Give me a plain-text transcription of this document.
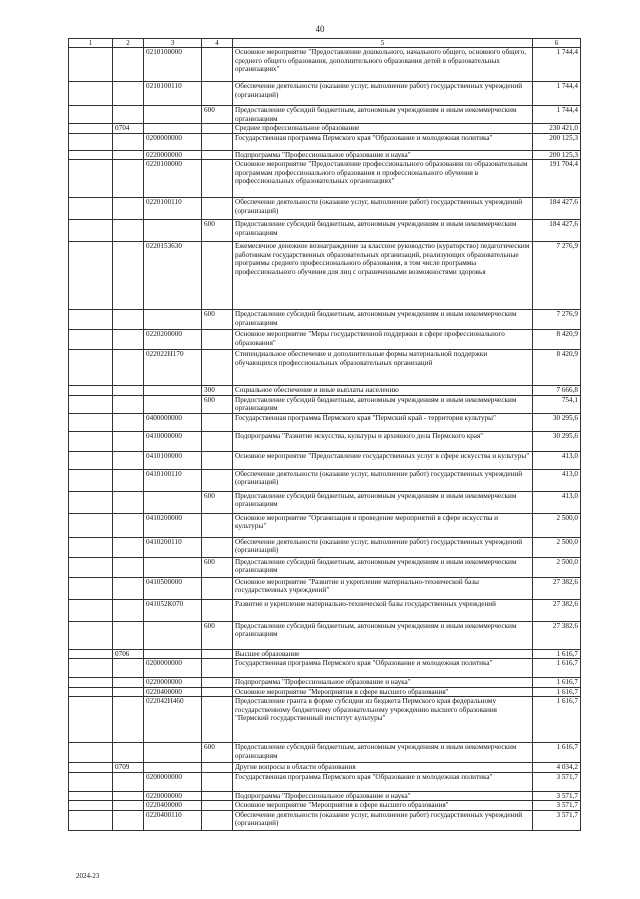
40
1	2	3	4	5	6
		0210100000		Основное мероприятие "Предоставление дошкольного, начального общего, основного общего, среднего общего образования, дополнительного образования детей в образовательных организациях"	1 744,4
		0210100110		Обеспечение деятельности (оказание услуг, выполнение работ) государственных учреждений (организаций)	1 744,4
			600	Предоставление субсидий бюджетным, автономным учреждениям и иным некоммерческим организациям	1 744,4
	0704			Среднее профессиональное образование	230 421,0
		0200000000		Государственная программа Пермского края "Образование и молодежная политика"	200 125,3
		0220000000		Подпрограмма "Профессиональное образование и наука"	200 125,3
		0220100000		Основное мероприятие "Предоставление профессионального образования по образовательным программам профессионального образования и профессионального обучения в профессиональных образовательных организациях"	191 704,4
		0220100110		Обеспечение деятельности (оказание услуг, выполнение работ) государственных учреждений (организаций)	184 427,6
			600	Предоставление субсидий бюджетным, автономным учреждениям и иным некоммерческим организациям	184 427,6
		0220153630		Ежемесячное денежное вознаграждение за классное руководство (кураторство) педагогическим работникам государственных образовательных организаций, реализующих образовательные программы среднего профессионального образования, в том числе программы профессионального обучения для лиц с ограниченными возможностями здоровья	7 276,9
			600	Предоставление субсидий бюджетным, автономным учреждениям и иным некоммерческим организациям	7 276,9
		0220200000		Основное мероприятие "Меры государственной поддержки в сфере профессионального образования"	8 420,9
		022022Н170		Стипендиальное обеспечение и дополнительные формы материальной поддержки обучающихся профессиональных образовательных организаций	8 420,9
			300	Социальное обеспечение и иные выплаты населению	7 666,8
			600	Предоставление субсидий бюджетным, автономным учреждениям и иным некоммерческим организациям	754,1
		0400000000		Государственная программа Пермского края "Пермский край - территория культуры"	30 295,6
		0410000000		Подпрограмма "Развитие искусства, культуры и архивного дела Пермского края"	30 295,6
		0410100000		Основное мероприятие "Предоставление государственных услуг в сфере искусства и культуры"	413,0
		0410100110		Обеспечение деятельности (оказание услуг, выполнение работ) государственных учреждений (организаций)	413,0
			600	Предоставление субсидий бюджетным, автономным учреждениям и иным некоммерческим организациям	413,0
		0410200000		Основное мероприятие "Организация и проведение мероприятий в сфере искусства и культуры"	2 500,0
		0410200110		Обеспечение деятельности (оказание услуг, выполнение работ) государственных учреждений (организаций)	2 500,0
			600	Предоставление субсидий бюджетным, автономным учреждениям и иным некоммерческим организациям	2 500,0
		0410500000		Основное мероприятие "Развитие и укрепление материально-технической базы государственных учреждений"	27 382,6
		041052К070		Развитие и укрепление материально-технической базы государственных учреждений	27 382,6
			600	Предоставление субсидий бюджетным, автономным учреждениям и иным некоммерческим организациям	27 382,6
	0706			Высшее образование	1 616,7
		0200000000		Государственная программа Пермского края "Образование и молодежная политика"	1 616,7
		0220000000		Подпрограмма "Профессиональное образование и наука"	1 616,7
		0220400000		Основное мероприятие "Мероприятия в сфере высшего образования"	1 616,7
		022042Н460		Предоставление гранта в форме субсидии из бюджета Пермского края федеральному государственному бюджетному образовательному учреждению высшего образования "Пермский государственный институт культуры"	1 616,7
			600	Предоставление субсидий бюджетным, автономным учреждениям и иным некоммерческим организациям	1 616,7
	0709			Другие вопросы в области образования	4 034,2
		0200000000		Государственная программа Пермского края "Образование и молодежная политика"	3 571,7
		0220000000		Подпрограмма "Профессиональное образование и наука"	3 571,7
		0220400000		Основное мероприятие "Мероприятия в сфере высшего образования"	3 571,7
		0220400110		Обеспечение деятельности (оказание услуг, выполнение работ) государственных учреждений (организаций)	3 571,7
2024-23
